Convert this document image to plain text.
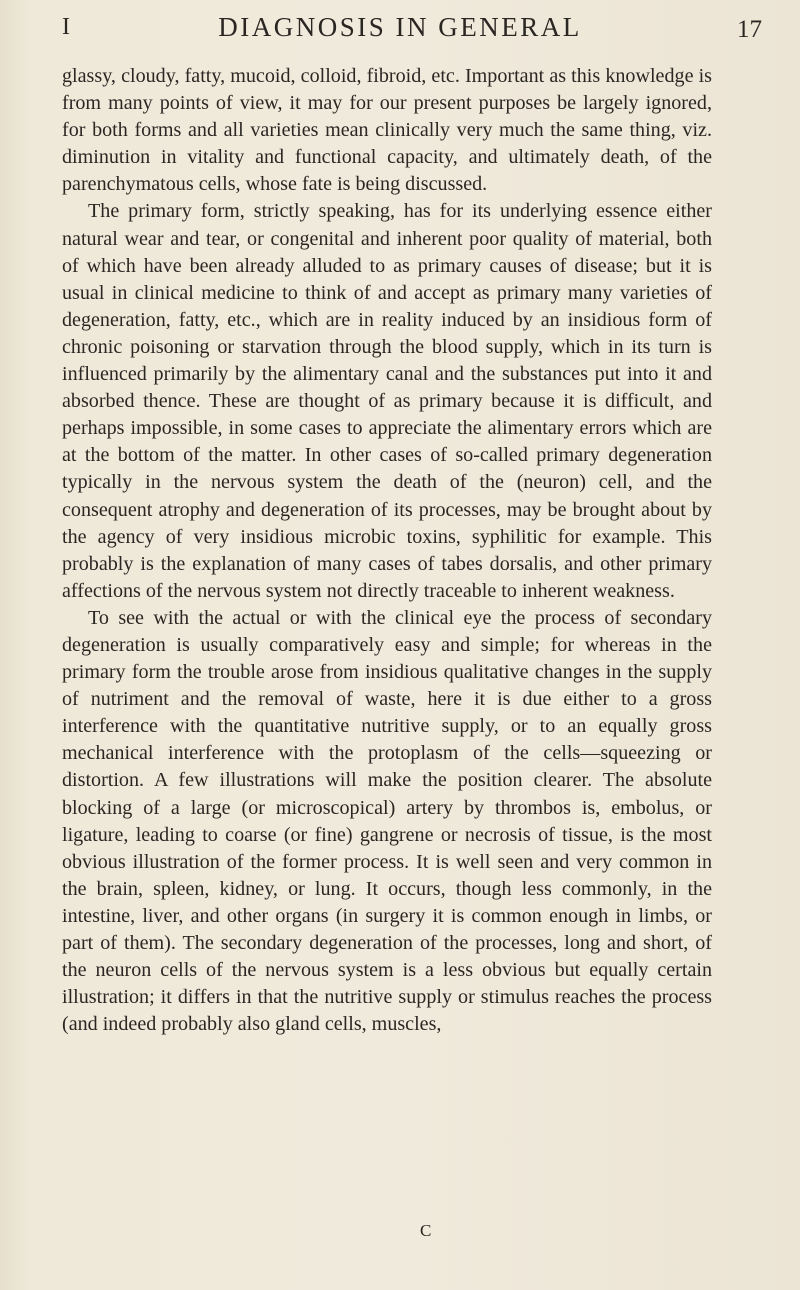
I	DIAGNOSIS IN GENERAL	17

glassy, cloudy, fatty, mucoid, colloid, fibroid, etc. Important as this knowledge is from many points of view, it may for our present purposes be largely ignored, for both forms and all varieties mean clinically very much the same thing, viz. diminution in vitality and functional capacity, and ultimately death, of the parenchymatous cells, whose fate is being discussed.

The primary form, strictly speaking, has for its underlying essence either natural wear and tear, or congenital and inherent poor quality of material, both of which have been already alluded to as primary causes of disease; but it is usual in clinical medicine to think of and accept as primary many varieties of degeneration, fatty, etc., which are in reality induced by an insidious form of chronic poisoning or starvation through the blood supply, which in its turn is influenced primarily by the alimentary canal and the substances put into it and absorbed thence. These are thought of as primary because it is difficult, and perhaps impossible, in some cases to appreciate the alimentary errors which are at the bottom of the matter. In other cases of so-called primary degeneration typically in the nervous system the death of the (neuron) cell, and the consequent atrophy and degeneration of its processes, may be brought about by the agency of very insidious microbic toxins, syphilitic for example. This probably is the explanation of many cases of tabes dorsalis, and other primary affections of the nervous system not directly traceable to inherent weakness.

To see with the actual or with the clinical eye the process of secondary degeneration is usually comparatively easy and simple; for whereas in the primary form the trouble arose from insidious qualitative changes in the supply of nutriment and the removal of waste, here it is due either to a gross interference with the quantitative nutritive supply, or to an equally gross mechanical interference with the protoplasm of the cells—squeezing or distortion. A few illustrations will make the position clearer. The absolute blocking of a large (or microscopical) artery by thrombos is, embolus, or ligature, leading to coarse (or fine) gangrene or necrosis of tissue, is the most obvious illustration of the former process. It is well seen and very common in the brain, spleen, kidney, or lung. It occurs, though less commonly, in the intestine, liver, and other organs (in surgery it is common enough in limbs, or part of them). The secondary degeneration of the processes, long and short, of the neuron cells of the nervous system is a less obvious but equally certain illustration; it differs in that the nutritive supply or stimulus reaches the process (and indeed probably also gland cells, muscles,

C
